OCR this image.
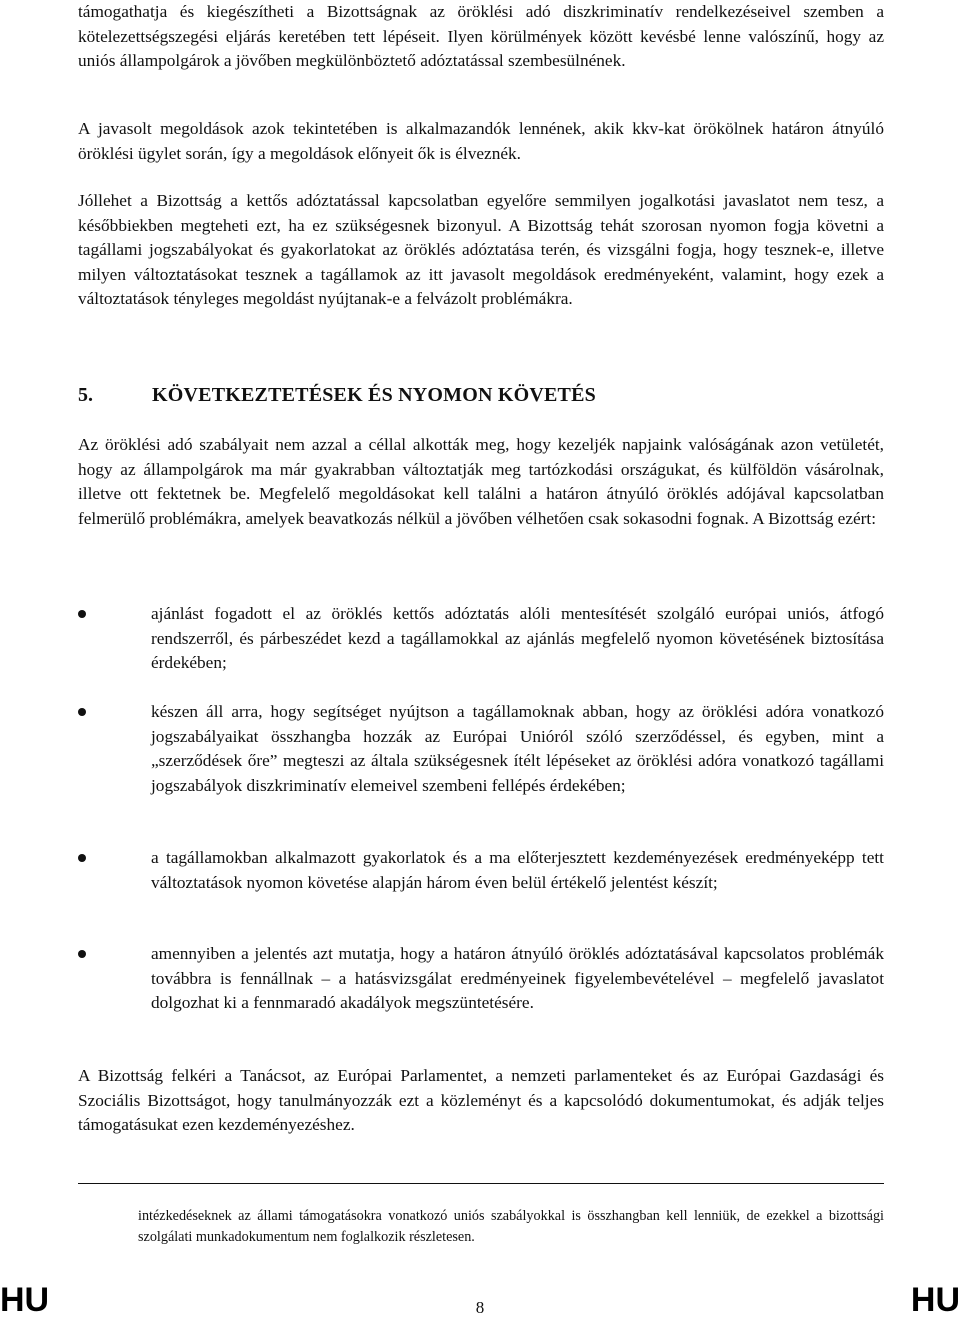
támogathatja és kiegészítheti a Bizottságnak az öröklési adó diszkriminatív rendelkezéseivel szemben a kötelezettségszegési eljárás keretében tett lépéseit. Ilyen körülmények között kevésbé lenne valószínű, hogy az uniós állampolgárok a jövőben megkülönböztető adóztatással szembesülnének.

A javasolt megoldások azok tekintetében is alkalmazandók lennének, akik kkv-kat örökölnek határon átnyúló öröklési ügylet során, így a megoldások előnyeit ők is élveznék.

Jóllehet a Bizottság a kettős adóztatással kapcsolatban egyelőre semmilyen jogalkotási javaslatot nem tesz, a későbbiekben megteheti ezt, ha ez szükségesnek bizonyul. A Bizottság tehát szorosan nyomon fogja követni a tagállami jogszabályokat és gyakorlatokat az öröklés adóztatása terén, és vizsgálni fogja, hogy tesznek-e, illetve milyen változtatásokat tesznek a tagállamok az itt javasolt megoldások eredményeként, valamint, hogy ezek a változtatások tényleges megoldást nyújtanak-e a felvázolt problémákra.

5.	KÖVETKEZTETÉSEK ÉS NYOMON KÖVETÉS

Az öröklési adó szabályait nem azzal a céllal alkották meg, hogy kezeljék napjaink valóságának azon vetületét, hogy az állampolgárok ma már gyakrabban változtatják meg tartózkodási országukat, és külföldön vásárolnak, illetve ott fektetnek be. Megfelelő megoldásokat kell találni a határon átnyúló öröklés adójával kapcsolatban felmerülő problémákra, amelyek beavatkozás nélkül a jövőben vélhetően csak sokasodni fognak. A Bizottság ezért:

ajánlást fogadott el az öröklés kettős adóztatás alóli mentesítését szolgáló európai uniós, átfogó rendszerről, és párbeszédet kezd a tagállamokkal az ajánlás megfelelő nyomon követésének biztosítása érdekében;

készen áll arra, hogy segítséget nyújtson a tagállamoknak abban, hogy az öröklési adóra vonatkozó jogszabályaikat összhangba hozzák az Európai Unióról szóló szerződéssel, és egyben, mint a „szerződések őre” megteszi az általa szükségesnek ítélt lépéseket az öröklési adóra vonatkozó tagállami jogszabályok diszkriminatív elemeivel szembeni fellépés érdekében;

a tagállamokban alkalmazott gyakorlatok és a ma előterjesztett kezdeményezések eredményeképp tett változtatások nyomon követése alapján három éven belül értékelő jelentést készít;

amennyiben a jelentés azt mutatja, hogy a határon átnyúló öröklés adóztatásával kapcsolatos problémák továbbra is fennállnak – a hatásvizsgálat eredményeinek figyelembevételével – megfelelő javaslatot dolgozhat ki a fennmaradó akadályok megszüntetésére.

A Bizottság felkéri a Tanácsot, az Európai Parlamentet, a nemzeti parlamenteket és az Európai Gazdasági és Szociális Bizottságot, hogy tanulmányozzák ezt a közleményt és a kapcsolódó dokumentumokat, és adják teljes támogatásukat ezen kezdeményezéshez.

intézkedéseknek az állami támogatásokra vonatkozó uniós szabályokkal is összhangban kell lenniük, de ezekkel a bizottsági szolgálati munkadokumentum nem foglalkozik részletesen.

HU	8	HU
